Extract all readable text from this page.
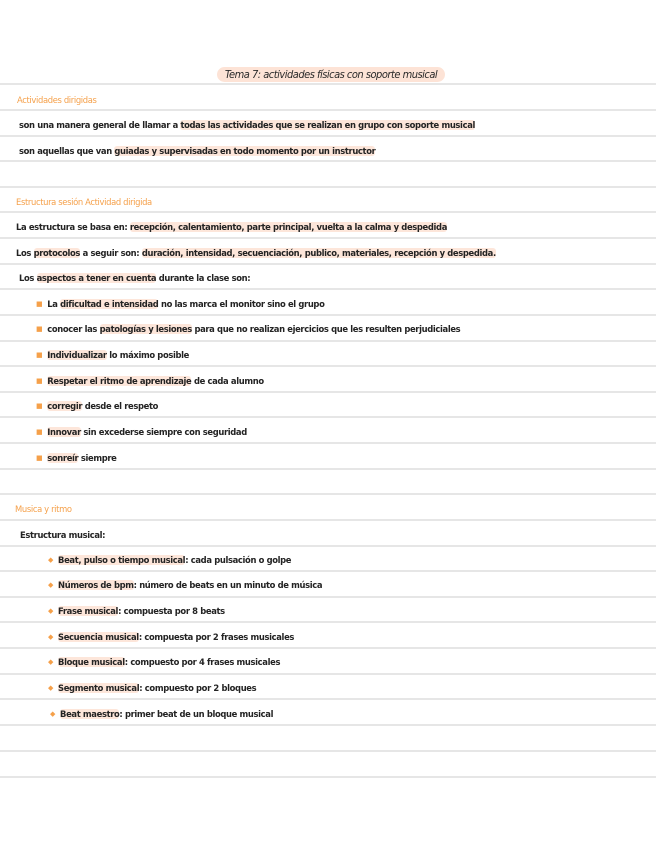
Tema 7: actividades físicas con soporte musical
Actividades dirigidas
son una manera general de llamar a todas las actividades que se realizan en grupo con soporte musical
son aquellas que van guiadas y supervisadas en todo momento por un instructor
Estructura sesión Actividad dirigida
La estructura se basa en: recepción, calentamiento, parte principal, vuelta a la calma y despedida
Los protocolos a seguir son: duración, intensidad, secuenciación, publico, materiales, recepción y despedida.
Los aspectos a tener en cuenta durante la clase son:
■ La dificultad e intensidad no las marca el monitor sino el grupo
■ conocer las patologías y lesiones para que no realizan ejercicios que les resulten perjudiciales
■ Individualizar lo máximo posible
■ Respetar el ritmo de aprendizaje de cada alumno
■ corregir desde el respeto
■ Innovar sin excederse siempre con seguridad
■ sonreír siempre
Musica y ritmo
Estructura musical:
◆ Beat, pulso o tiempo musical: cada pulsación o golpe
◆ Números de bpm: número de beats en un minuto de música
◆ Frase musical: compuesta por 8 beats
◆ Secuencia musical: compuesta por 2 frases musicales
◆ Bloque musical: compuesto por 4 frases musicales
◆ Segmento musical: compuesto por 2 bloques
◆ Beat maestro: primer beat de un bloque musical
